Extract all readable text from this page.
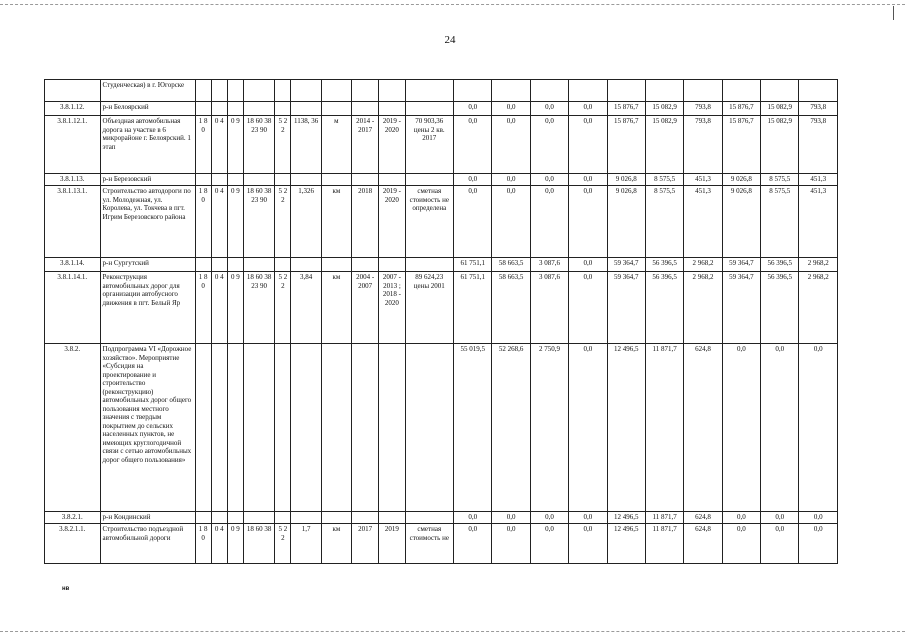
24
	Студенческая) в г. Югорске																				
3.8.1.12.	р-н Белоярский											0,0	0,0	0,0	0,0	15 876,7	15 082,9	793,8	15 876,7	15 082,9	793,8
3.8.1.12.1.	Объездная автомобильная дорога на участке в 6 микрорайоне г. Белоярский. 1 этап	1 8 0	0 4	0 9	18 60 38 23 90	5 2 2	1138, 36	м	2014 - 2017	2019 - 2020	70 903,36 цены 2 кв. 2017	0,0	0,0	0,0	0,0	15 876,7	15 082,9	793,8	15 876,7	15 082,9	793,8
3.8.1.13.	р-н Березовский											0,0	0,0	0,0	0,0	9 026,8	8 575,5	451,3	9 026,8	8 575,5	451,3
3.8.1.13.1.	Строительство автодороги по ул. Молодежная, ул. Королева, ул. Токчева в пгт. Игрим Березовского района	1 8 0	0 4	0 9	18 60 38 23 90	5 2 2	1,326	км	2018	2019 - 2020	сметная стоимость не определена	0,0	0,0	0,0	0,0	9 026,8	8 575,5	451,3	9 026,8	8 575,5	451,3
3.8.1.14.	р-н Сургутский											61 751,1	58 663,5	3 087,6	0,0	59 364,7	56 396,5	2 968,2	59 364,7	56 396,5	2 968,2
3.8.1.14.1.	Реконструкция автомобильных дорог для организации автобусного движения в пгт. Белый Яр	1 8 0	0 4	0 9	18 60 38 23 90	5 2 2	3,84	км	2004 - 2007	2007 - 2013 ; 2018 - 2020	89 624,23 цены 2001	61 751,1	58 663,5	3 087,6	0,0	59 364,7	56 396,5	2 968,2	59 364,7	56 396,5	2 968,2
3.8.2.	Подпрограмма VI «Дорожное хозяйство». Мероприятие «Субсидия на проектирование и строительство (реконструкцию) автомобильных дорог общего пользования местного значения с твердым покрытием до сельских населенных пунктов, не имеющих круглогодичной связи с сетью автомобильных дорог общего пользования»											55 019,5	52 268,6	2 750,9	0,0	12 496,5	11 871,7	624,8	0,0	0,0	0,0
3.8.2.1.	р-н Кондинский											0,0	0,0	0,0	0,0	12 496,5	11 871,7	624,8	0,0	0,0	0,0
3.8.2.1.1.	Строительство подъездной автомобильной дороги	1 8 0	0 4	0 9	18 60 38	5 2 2	1,7	км	2017	2019	сметная стоимость не	0,0	0,0	0,0	0,0	12 496,5	11 871,7	624,8	0,0	0,0	0,0
нв
